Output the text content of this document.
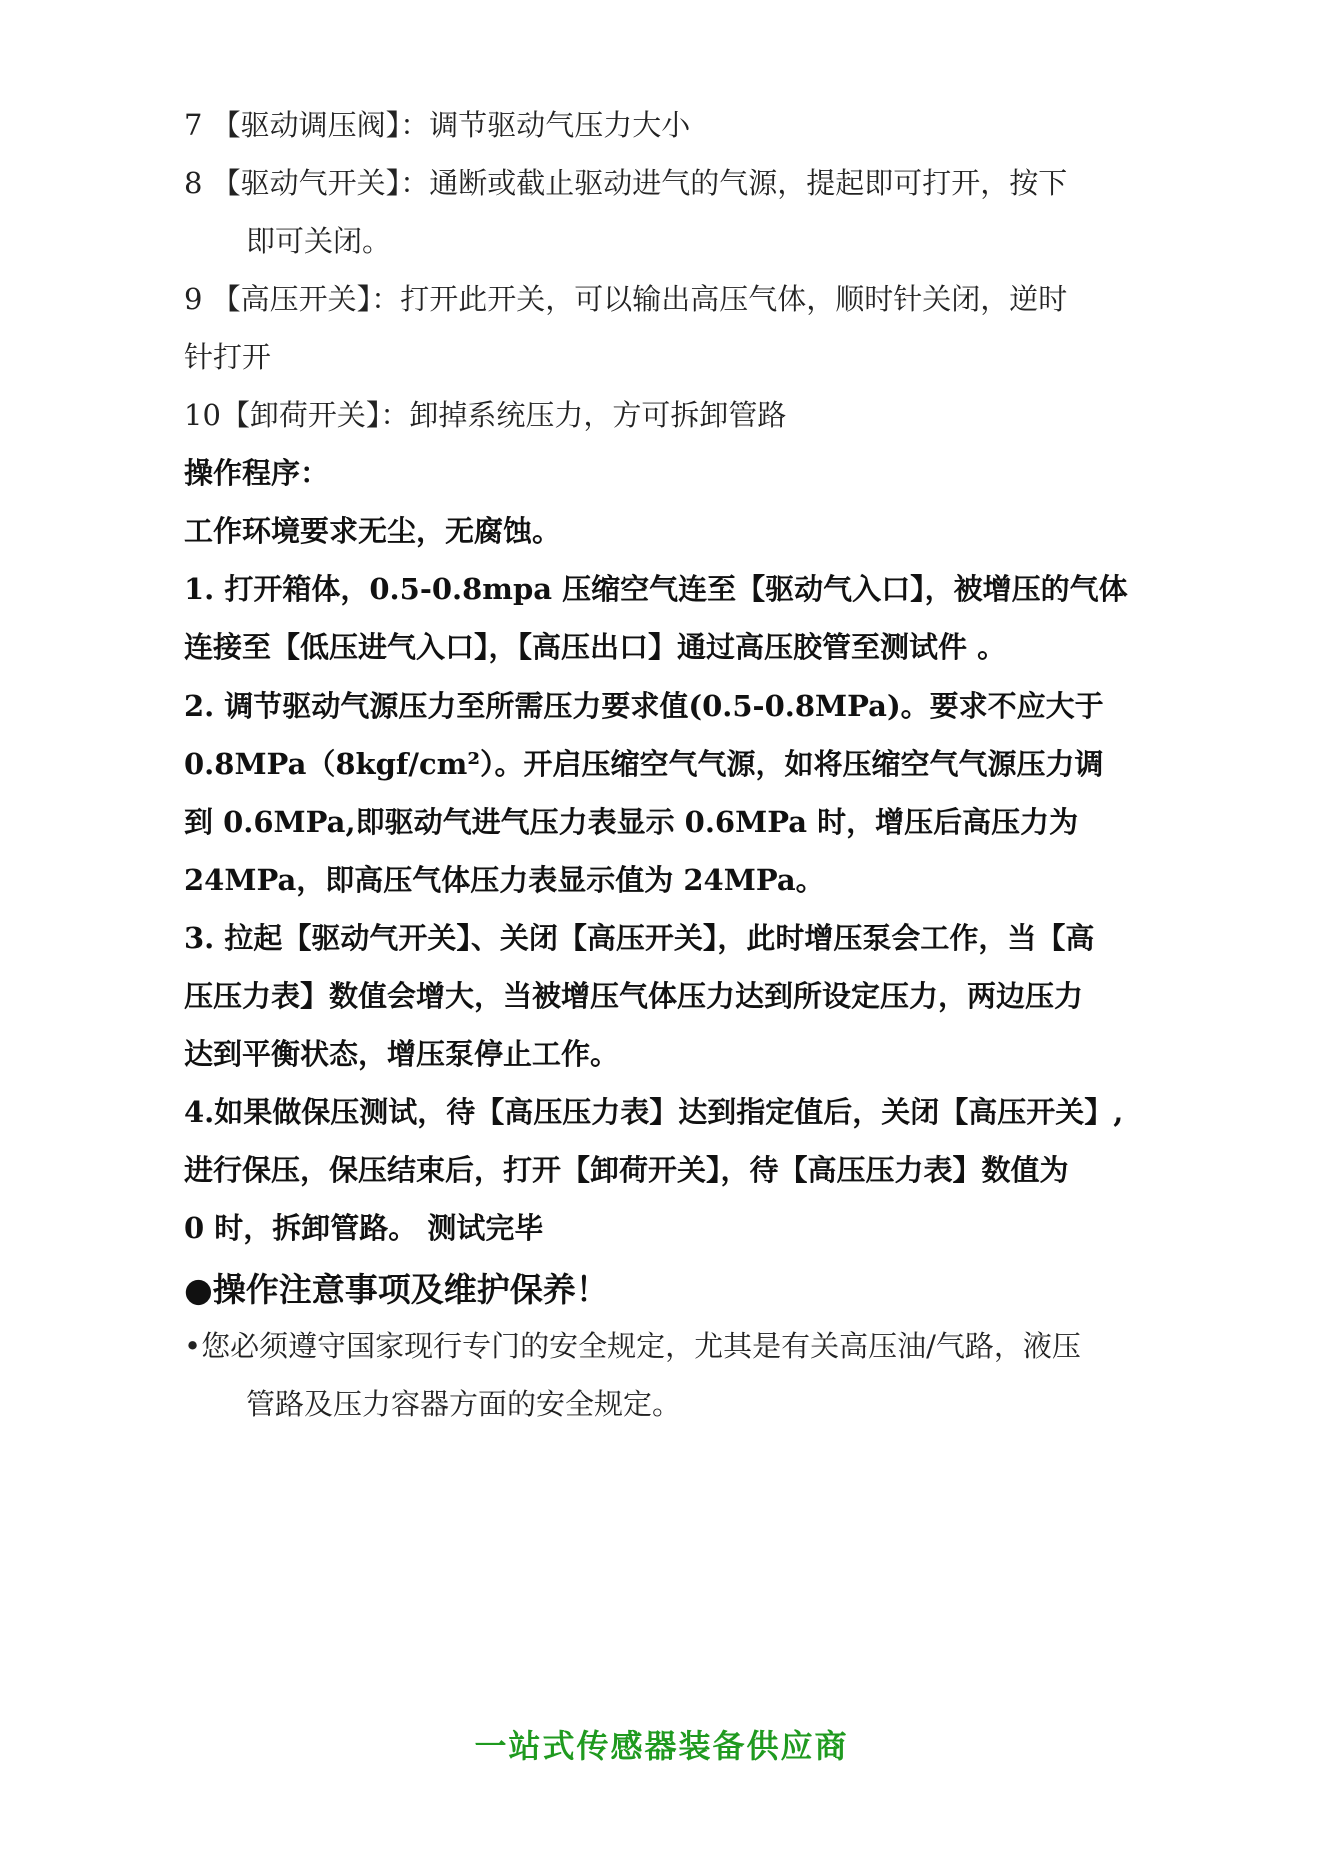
7 【驱动调压阀】：调节驱动气压力大小
8 【驱动气开关】：通断或截止驱动进气的气源，提起即可打开，按下
即可关闭。
9 【高压开关】：打开此开关，可以输出高压气体，顺时针关闭，逆时
针打开
10【卸荷开关】：卸掉系统压力，方可拆卸管路
操作程序：
工作环境要求无尘，无腐蚀。
1. 打开箱体，0.5-0.8mpa 压缩空气连至【驱动气入口】，被增压的气体
连接至【低压进气入口】，【高压出口】通过高压胶管至测试件 。
2. 调节驱动气源压力至所需压力要求值(0.5-0.8MPa)。要求不应大于
0.8MPa（8kgf/cm²）。开启压缩空气气源，如将压缩空气气源压力调
到 0.6MPa,即驱动气进气压力表显示 0.6MPa 时，增压后高压力为
24MPa，即高压气体压力表显示值为 24MPa。
3. 拉起【驱动气开关】、关闭【高压开关】，此时增压泵会工作，当【高
压压力表】数值会增大，当被增压气体压力达到所设定压力，两边压力
达到平衡状态，增压泵停止工作。
4.如果做保压测试，待【高压压力表】达到指定值后，关闭【高压开关】,
进行保压，保压结束后，打开【卸荷开关】，待【高压压力表】数值为
0 时，拆卸管路。 测试完毕
●操作注意事项及维护保养！
•您必须遵守国家现行专门的安全规定，尤其是有关高压油/气路，液压
管路及压力容器方面的安全规定。
一站式传感器装备供应商
